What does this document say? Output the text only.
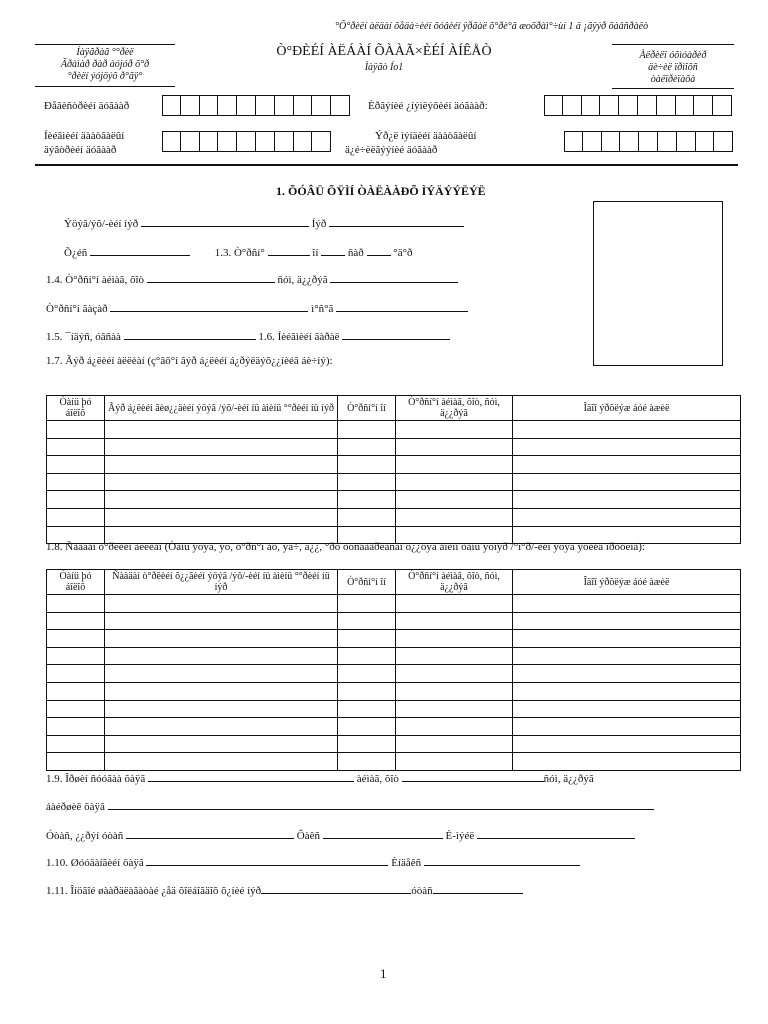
°Õ°ðèëí àëäàí õåäà÷èéí õóâèéí ÿðãàë õ°ðè°ã æoõðàì°÷ùí 1 ä ¡ãÿýð õàâñðàëò
Íàÿãðàã °°ðèë
Ãðàìàð ðàð àójóð õ°ð
°ðèëí ýójöýõ ð°ãÿ°
Ò°ÐÈÉÍ ÀËÁÀÍ ÕÀÀÃ×ÈÉÍ ÀÍÊÅÒ
Ìàÿãò Íо1
Àëðèëï óõìóàðèð
äè÷èë ïðìîõñ
òàëïðèïàõà
Ðåãèñòðèéí äóãààð	Èðãýíèé ¿íýìëýõèéí äóãààð:
Íèéãìèéí äààòãàëûí
äýâòðèéí äóãààð
Ýð¿ë ìýíäèéí äààòãàëûí
ä¿é÷èëãýýíèé äóãààð
1. ÕÓÂÜ ÕŸÌÍ ÒÀËÀÀÐÕ ÌÝÄÝÝËÝË
Ýöýã/ýõ/-èéí íýð	Íýð
Õ¿éñ	1.3. Ò°ðñí°	îí	ñàð	°ä°ð
1.4. Ò°ðñí°í àéìàã, õîò	ñóì, ä¿¿ðýã
Ò°ðñí°í ãàçàð	ì°ñ°ã
1.5. ¯íäýñ, óãñàà	1.6. Íèéãìèéí ãàðàë
1.7. Ãýð á¿ëèéí àëëèàí (ç°âõ°í ãýð á¿ëèéí á¿ðýëäýõ¿¿íèéã áè÷íý):
Òàíü þó áîëîõ	Ãýð á¿ëèéí ãèø¿¿äèéí ýöýã /ýõ/-èéí íü àìèíü °°ðèéí íü íýð	Ò°ðñí°í îí	Ò°ðñí°í àéìàã, õîò, ñóì, ä¿¿ðýã	Îäîî ýðõëýæ áóé àæèë

1.8. Ñààäàí ò°ðëèéí àëëèàí (Òàíü ýöýã, ýõ, ò°ðñ°í àõ, ýã÷, ä¿¿, °ðõ òóñãààðëàñàí õ¿¿õýä áîëîí òàíü ýõíýð /°í°ð/-èéí ýöýã ýõèéã îðóóëíà):
Òàíü þó áîëîõ	Ñààäàí ò°ðëèéí õ¿¿ãèéí ýöýã /ýõ/-èéí íü àìèíü °°ðèéí íü íýð	Ò°ðñí°í îí	Ò°ðñí°í àéìàã, õîò, ñóì, ä¿¿ðýã	Îäîî ýðõëýæ áóé àæèë

1.9. Îðøèí ñóóãàà õàÿã	àéìàã, õîò	ñóì, ä¿¿ðýã
áàéðøèë õàÿã
Óòàñ, ¿¿ðýí óòàñ	Ôàêñ	È-ìýéë
1.10. Øóóäàíãèéí õàÿã	Èíäåêñ
1.11. Îíöãîé øààðäëàãàòàé ¿åä õîëáîãäîõ õ¿íèé íýð	óòàñ
1
